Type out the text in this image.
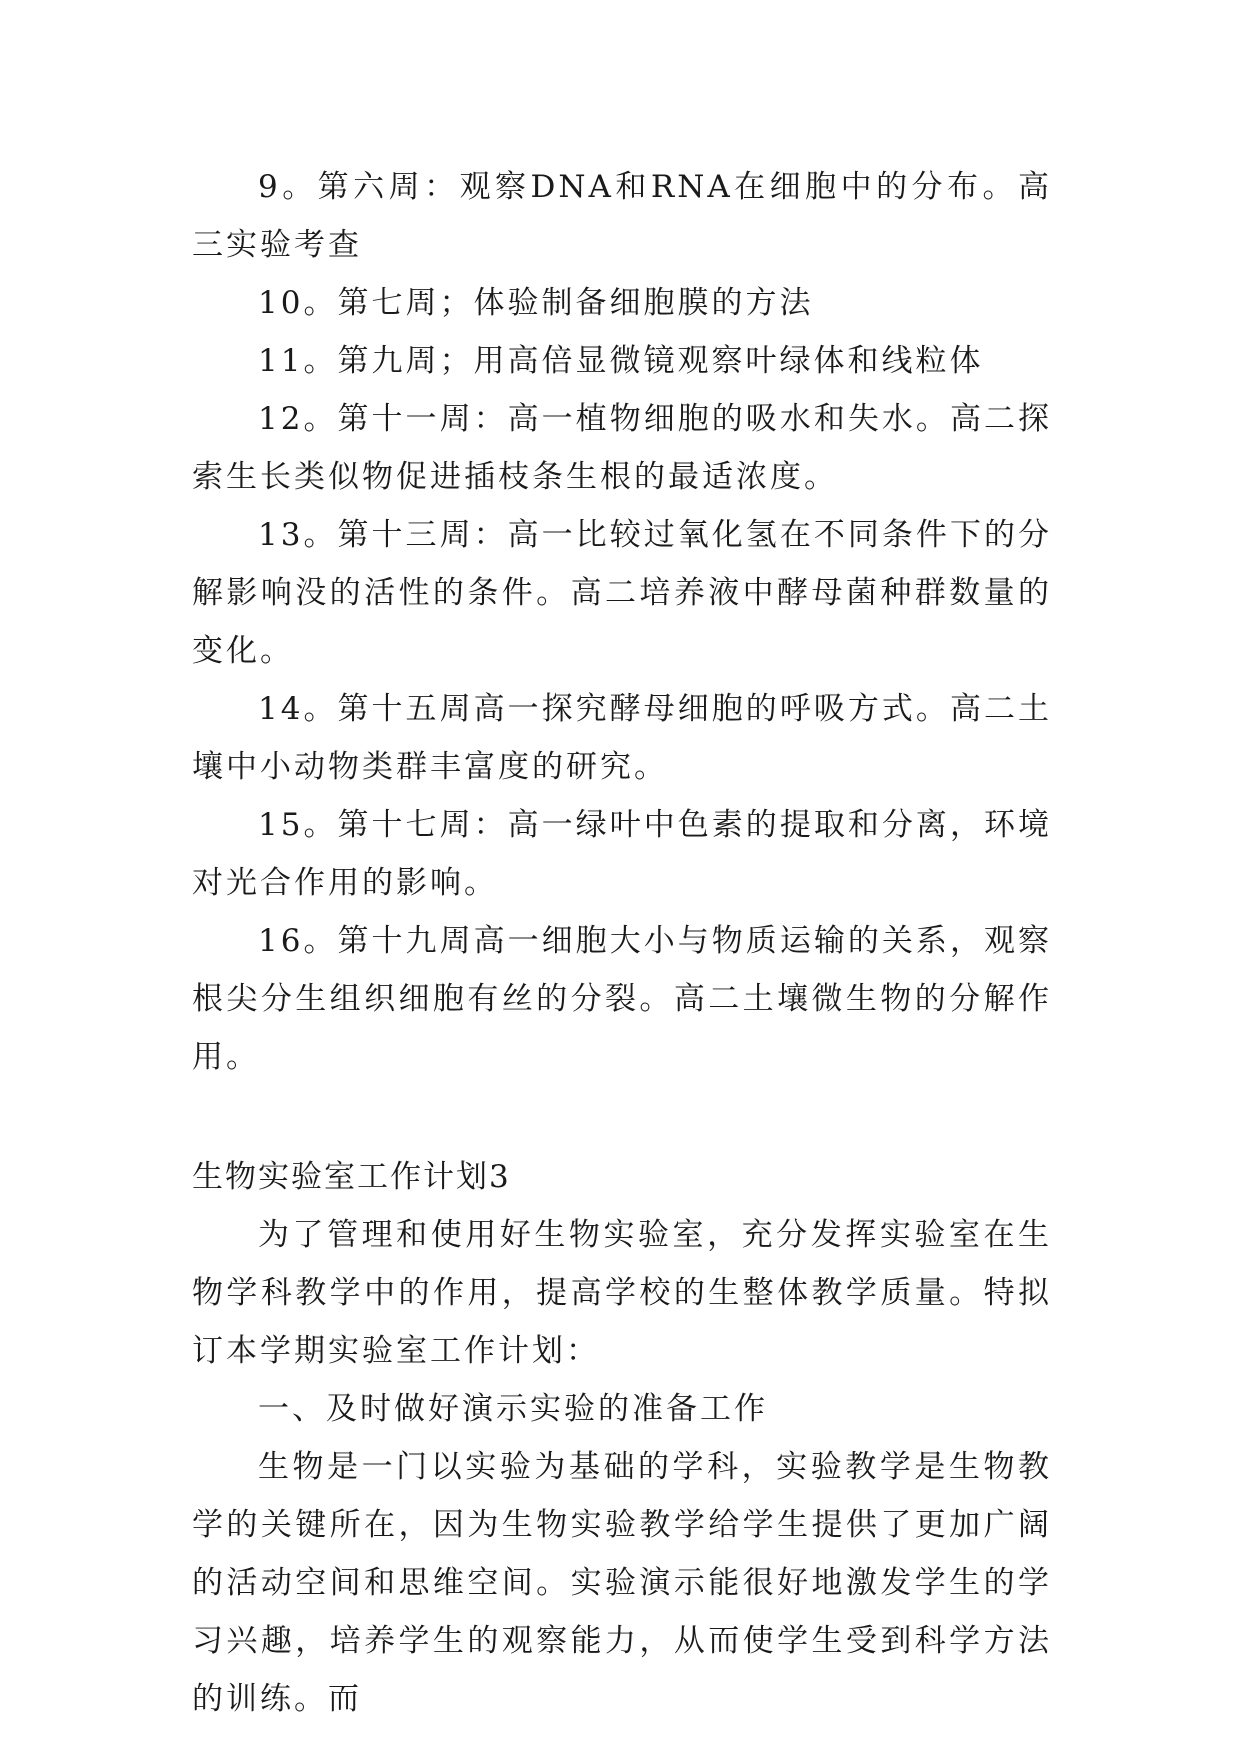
9。第六周：观察DNA和RNA在细胞中的分布。高三实验考查

10。第七周；体验制备细胞膜的方法

11。第九周；用高倍显微镜观察叶绿体和线粒体

12。第十一周：高一植物细胞的吸水和失水。高二探索生长类似物促进插枝条生根的最适浓度。

13。第十三周：高一比较过氧化氢在不同条件下的分解影响没的活性的条件。高二培养液中酵母菌种群数量的变化。

14。第十五周高一探究酵母细胞的呼吸方式。高二土壤中小动物类群丰富度的研究。

15。第十七周：高一绿叶中色素的提取和分离，环境对光合作用的影响。

16。第十九周高一细胞大小与物质运输的关系，观察根尖分生组织细胞有丝的分裂。高二土壤微生物的分解作用。

生物实验室工作计划3

为了管理和使用好生物实验室，充分发挥实验室在生物学科教学中的作用，提高学校的生整体教学质量。特拟订本学期实验室工作计划：

一、及时做好演示实验的准备工作

生物是一门以实验为基础的学科，实验教学是生物教学的关键所在，因为生物实验教学给学生提供了更加广阔的活动空间和思维空间。实验演示能很好地激发学生的学习兴趣，培养学生的观察能力，从而使学生受到科学方法的训练。而
